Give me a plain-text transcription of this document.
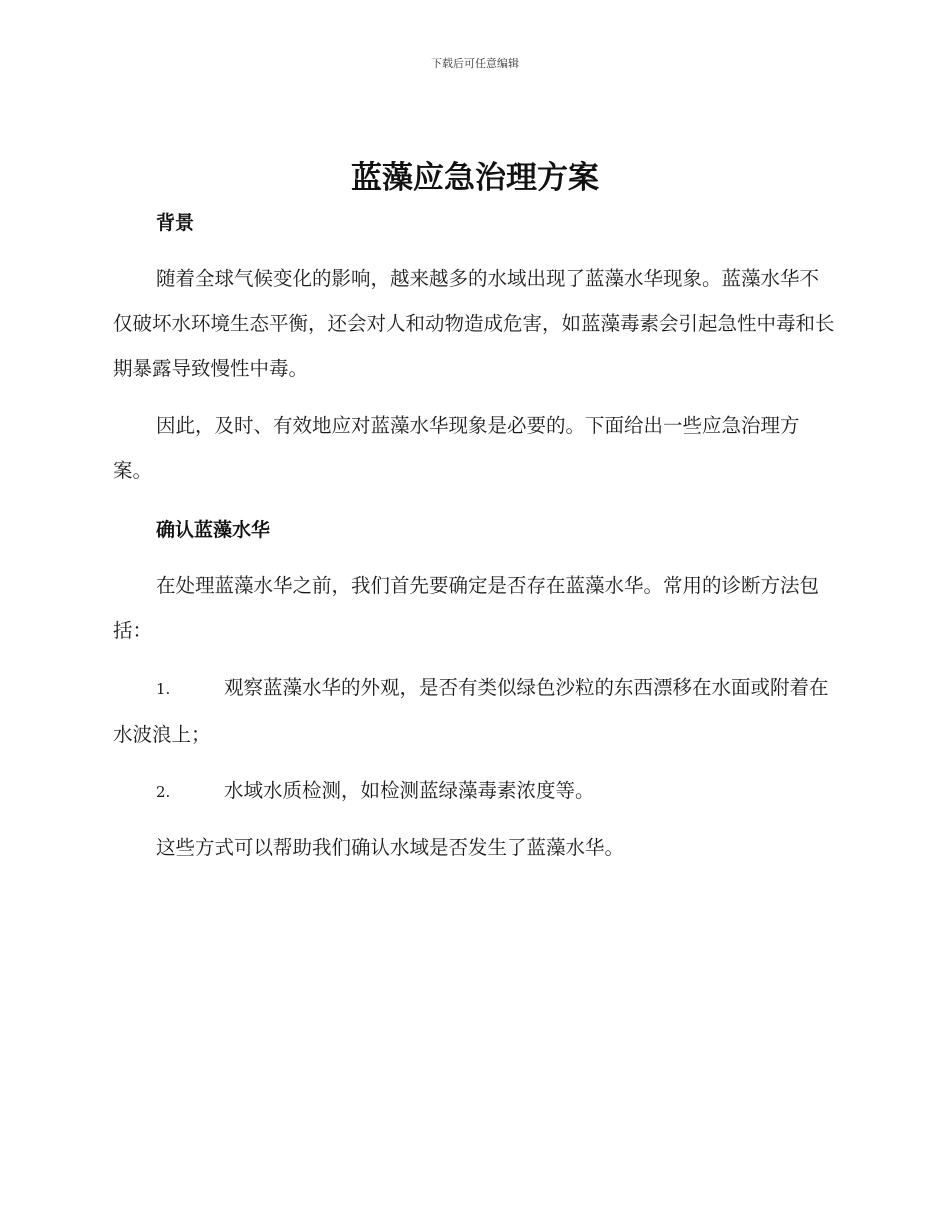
下载后可任意编辑
蓝藻应急治理方案
背景

随着全球气候变化的影响，越来越多的水域出现了蓝藻水华现象。蓝藻水华不仅破坏水环境生态平衡，还会对人和动物造成危害，如蓝藻毒素会引起急性中毒和长期暴露导致慢性中毒。

因此，及时、有效地应对蓝藻水华现象是必要的。下面给出一些应急治理方案。

确认蓝藻水华

在处理蓝藻水华之前，我们首先要确定是否存在蓝藻水华。常用的诊断方法包括：

1.	观察蓝藻水华的外观，是否有类似绿色沙粒的东西漂移在水面或附着在水波浪上；

2.	水域水质检测，如检测蓝绿藻毒素浓度等。

这些方式可以帮助我们确认水域是否发生了蓝藻水华。
